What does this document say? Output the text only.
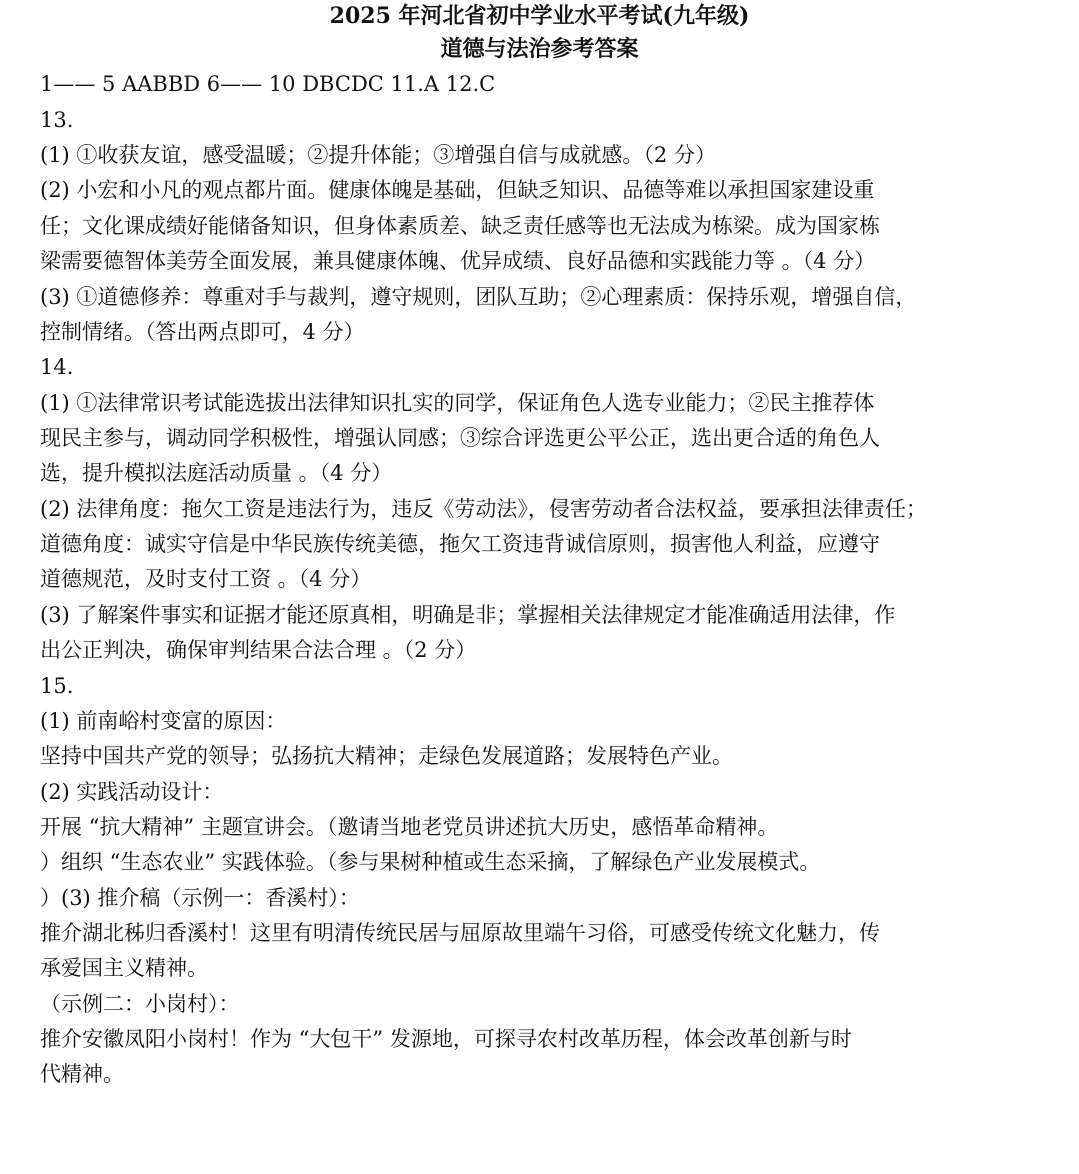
2025 年河北省初中学业水平考试(九年级)
道德与法治参考答案

1—— 5 AABBD 6—— 10 DBCDC 11.A 12.C

13.

(1) ①收获友谊，感受温暖；②提升体能；③增强自信与成就感。（2 分）

(2) 小宏和小凡的观点都片面。健康体魄是基础，但缺乏知识、品德等难以承担国家建设重

任；文化课成绩好能储备知识，但身体素质差、缺乏责任感等也无法成为栋梁。成为国家栋

梁需要德智体美劳全面发展，兼具健康体魄、优异成绩、良好品德和实践能力等 。（4 分）

(3) ①道德修养：尊重对手与裁判，遵守规则，团队互助；②心理素质：保持乐观，增强自信，

控制情绪。（答出两点即可，4 分）

14.

(1) ①法律常识考试能选拔出法律知识扎实的同学，保证角色人选专业能力；②民主推荐体

现民主参与，调动同学积极性，增强认同感；③综合评选更公平公正，选出更合适的角色人

选，提升模拟法庭活动质量 。（4 分）

(2) 法律角度：拖欠工资是违法行为，违反《劳动法》，侵害劳动者合法权益，要承担法律责任；

道德角度：诚实守信是中华民族传统美德，拖欠工资违背诚信原则，损害他人利益，应遵守

道德规范，及时支付工资 。（4 分）

(3) 了解案件事实和证据才能还原真相，明确是非；掌握相关法律规定才能准确适用法律，作

出公正判决，确保审判结果合法合理 。（2 分）

15.

(1) 前南峪村变富的原因：

坚持中国共产党的领导；弘扬抗大精神；走绿色发展道路；发展特色产业。

(2) 实践活动设计：

开展 “抗大精神” 主题宣讲会。（邀请当地老党员讲述抗大历史，感悟革命精神。

）组织 “生态农业” 实践体验。（参与果树种植或生态采摘，了解绿色产业发展模式。

）(3) 推介稿（示例一：香溪村）：

推介湖北秭归香溪村！这里有明清传统民居与屈原故里端午习俗，可感受传统文化魅力，传

承爱国主义精神。

（示例二：小岗村）：

推介安徽凤阳小岗村！作为 “大包干” 发源地，可探寻农村改革历程，体会改革创新与时

代精神。
